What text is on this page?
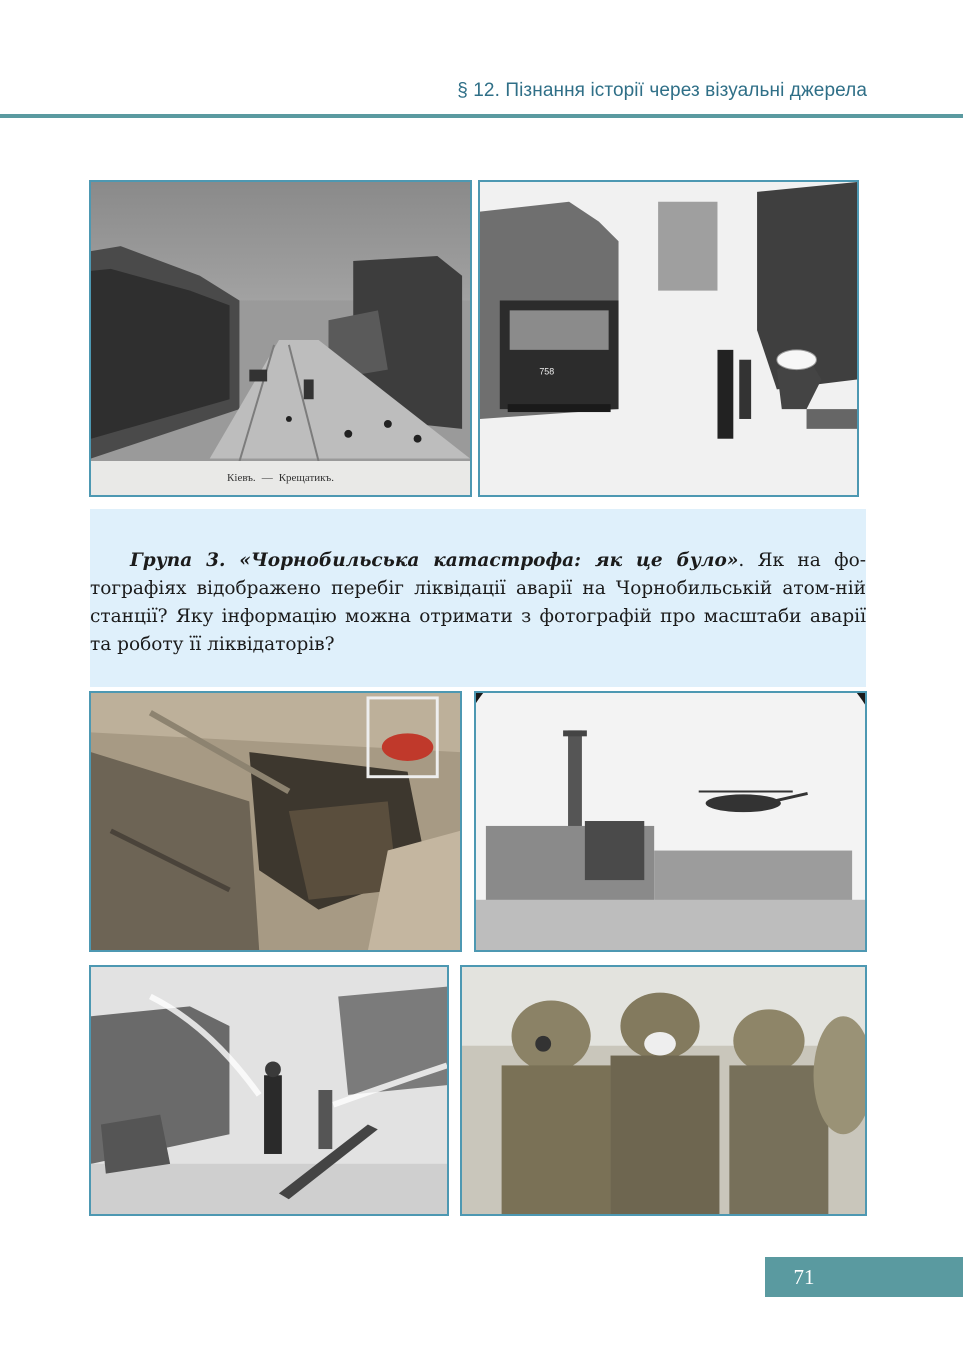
§ 12. Пізнання історії через візуальні джерела
Кіевъ. — Крещатикъ.
758

Група 3. «Чорнобильська катастрофа: як це було». Як на фо-тографіях відображено перебіг ліквідації аварії на Чорнобильській атом-ній станції? Яку інформацію можна отримати з фотографій про масштаби аварії та роботу її ліквідаторів?

71
